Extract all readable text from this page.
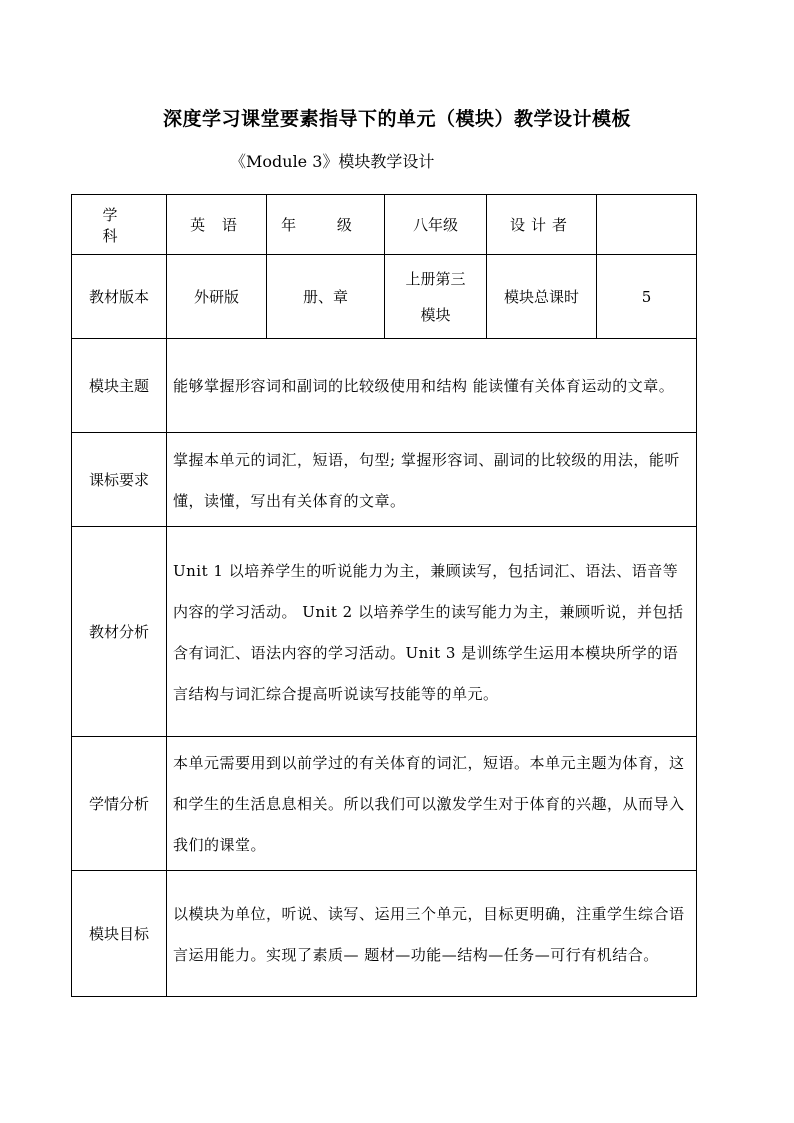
深度学习课堂要素指导下的单元（模块）教学设计模板
《Module 3》模块教学设计
学 科	英 语	年 级	八年级	设计者	
教材版本	外研版	册、章	上册第三模块	模块总课时	5
模块主题	能够掌握形容词和副词的比较级使用和结构 能读懂有关体育运动的文章。				
课标要求	掌握本单元的词汇，短语，句型; 掌握形容词、副词的比较级的用法，能听懂，读懂，写出有关体育的文章。				
教材分析	Unit 1 以培养学生的听说能力为主，兼顾读写，包括词汇、语法、语音等内容的学习活动。 Unit 2 以培养学生的读写能力为主，兼顾听说，并包括含有词汇、语法内容的学习活动。Unit 3 是训练学生运用本模块所学的语言结构与词汇综合提高听说读写技能等的单元。				
学情分析	本单元需要用到以前学过的有关体育的词汇，短语。本单元主题为体育，这和学生的生活息息相关。所以我们可以激发学生对于体育的兴趣，从而导入我们的课堂。				
模块目标	以模块为单位，听说、读写、运用三个单元，目标更明确，注重学生综合语言运用能力。实现了素质— 题材—功能—结构—任务—可行有机结合。				
